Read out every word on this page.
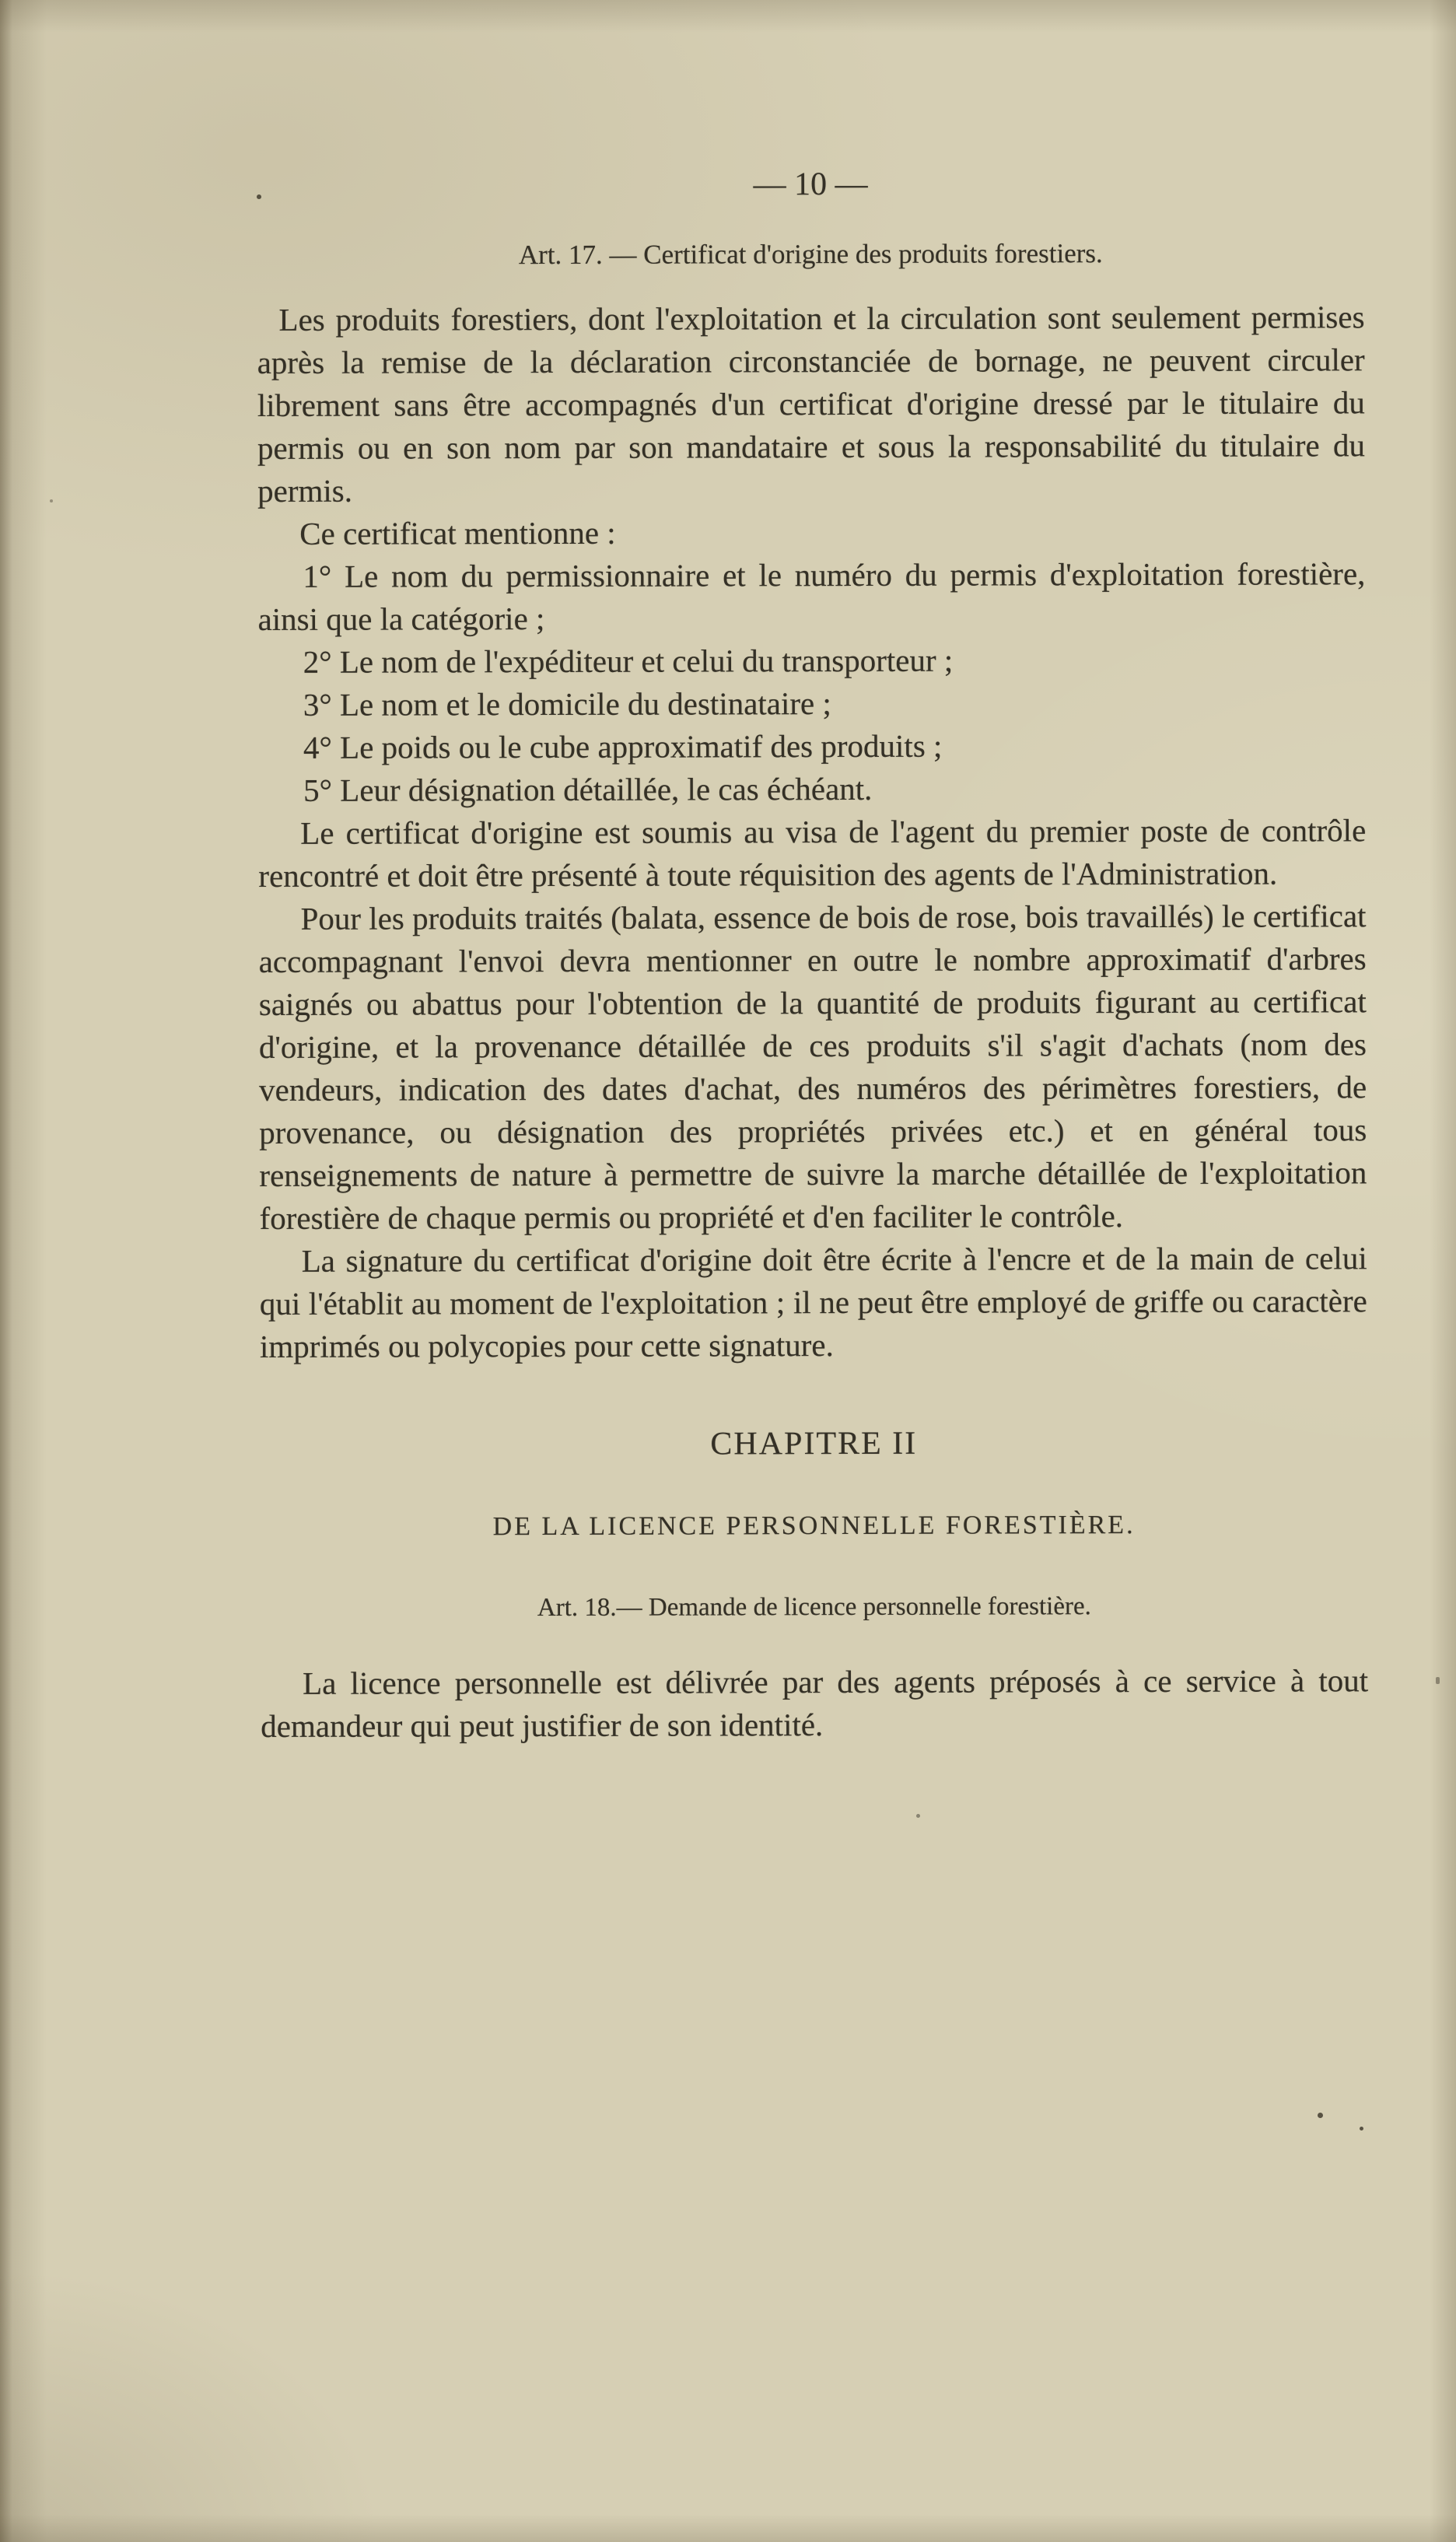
— 10 —
Art. 17. — Certificat d'origine des produits forestiers.

Les produits forestiers, dont l'exploitation et la circulation sont seulement permises après la remise de la déclaration circonstanciée de bornage, ne peuvent circuler librement sans être accompagnés d'un certificat d'origine dressé par le titulaire du permis ou en son nom par son mandataire et sous la responsabilité du titulaire du permis.

Ce certificat mentionne :

1° Le nom du permissionnaire et le numéro du permis d'exploitation forestière, ainsi que la catégorie ;

2° Le nom de l'expéditeur et celui du transporteur ;

3° Le nom et le domicile du destinataire ;

4° Le poids ou le cube approximatif des produits ;

5° Leur désignation détaillée, le cas échéant.

Le certificat d'origine est soumis au visa de l'agent du premier poste de contrôle rencontré et doit être présenté à toute réquisition des agents de l'Administration.

Pour les produits traités (balata, essence de bois de rose, bois travaillés) le certificat accompagnant l'envoi devra mentionner en outre le nombre approximatif d'arbres saignés ou abattus pour l'obtention de la quantité de produits figurant au certificat d'origine, et la provenance détaillée de ces produits s'il s'agit d'achats (nom des vendeurs, indication des dates d'achat, des numéros des périmètres forestiers, de provenance, ou désignation des propriétés privées etc.) et en général tous renseignements de nature à permettre de suivre la marche détaillée de l'exploitation forestière de chaque permis ou propriété et d'en faciliter le contrôle.

La signature du certificat d'origine doit être écrite à l'encre et de la main de celui qui l'établit au moment de l'exploitation ; il ne peut être employé de griffe ou caractère imprimés ou polycopies pour cette signature.

CHAPITRE II
DE LA LICENCE PERSONNELLE FORESTIÈRE.
Art. 18.— Demande de licence personnelle forestière.

La licence personnelle est délivrée par des agents préposés à ce service à tout demandeur qui peut justifier de son identité.
